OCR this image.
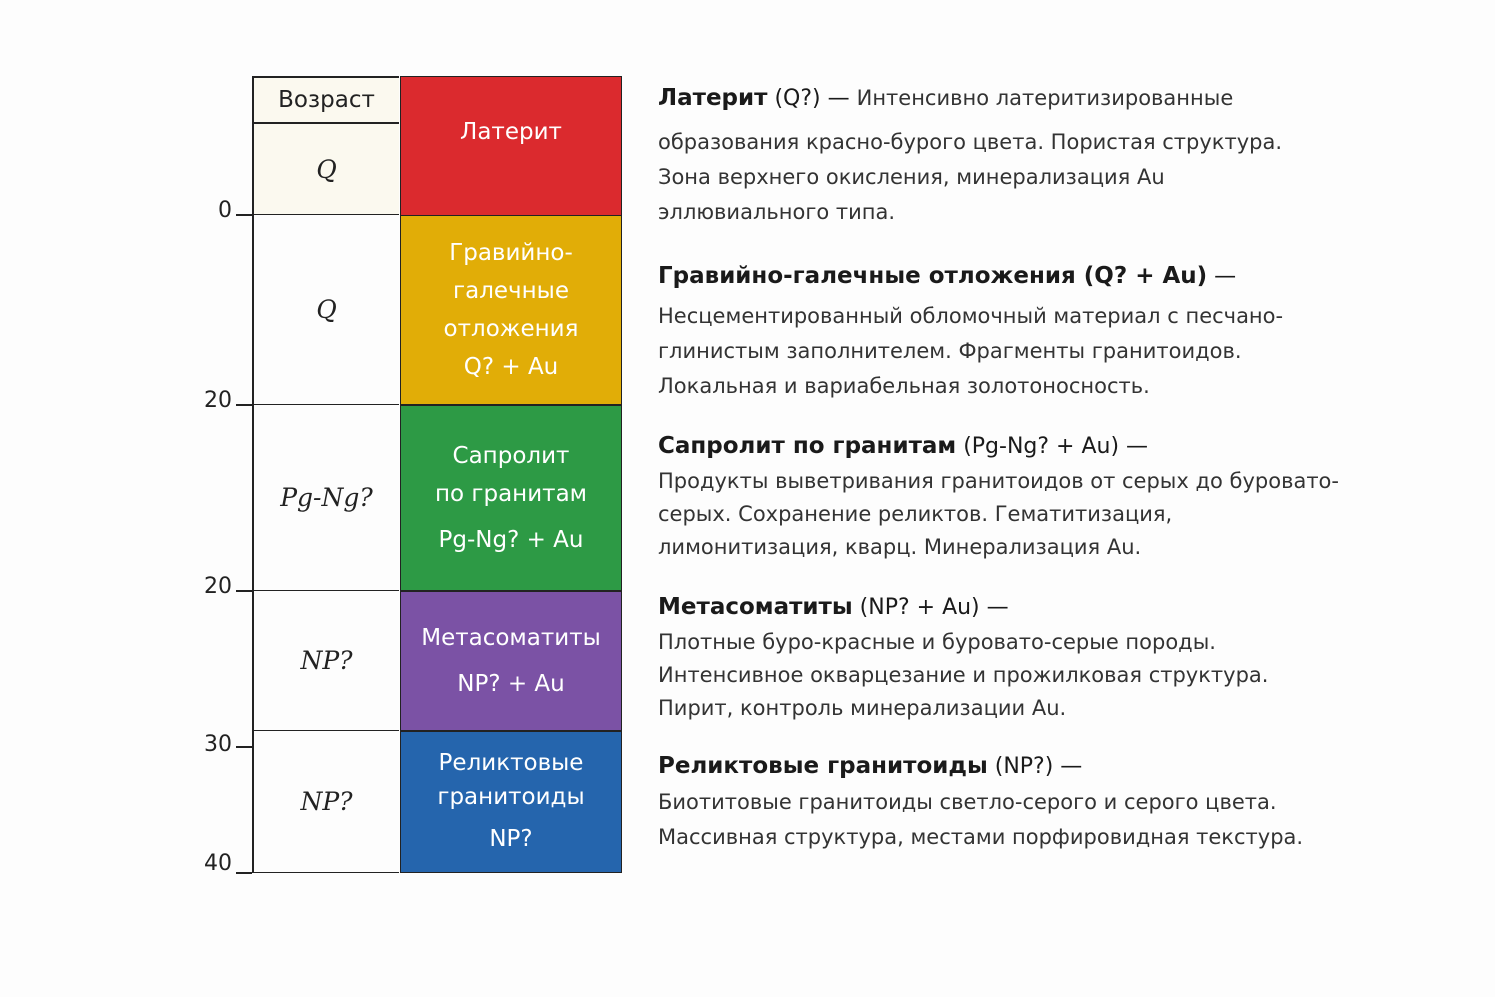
Возраст
Q
Q
Pg-Ng?
NP?
NP?
Латерит
Гравийно-
галечные
отложения
Q? + Au
Сапролит
по гранитам
Pg-Ng? + Au
Метасоматиты
NP? + Au
Реликтовые
гранитоиды
NP?
0
20
20
30
40
Латерит (Q?) — Интенсивно латеритизированные
образования красно-бурого цвета. Пористая структура.
Зона верхнего окисления, минерализация Au
эллювиального типа.
Гравийно-галечные отложения (Q? + Au) —
Несцементированный обломочный материал с песчано-
глинистым заполнителем. Фрагменты гранитоидов.
Локальная и вариабельная золотоносность.
Сапролит по гранитам (Pg-Ng? + Au) —
Продукты выветривания гранитоидов от серых до буровато-
серых. Сохранение реликтов. Гематитизация,
лимонитизация, кварц. Минерализация Au.
Метасоматиты (NP? + Au) —
Плотные буро-красные и буровато-серые породы.
Интенсивное окварцезание и прожилковая структура.
Пирит, контроль минерализации Au.
Реликтовые гранитоиды (NP?) —
Биотитовые гранитоиды светло-серого и серого цвета.
Массивная структура, местами порфировидная текстура.
